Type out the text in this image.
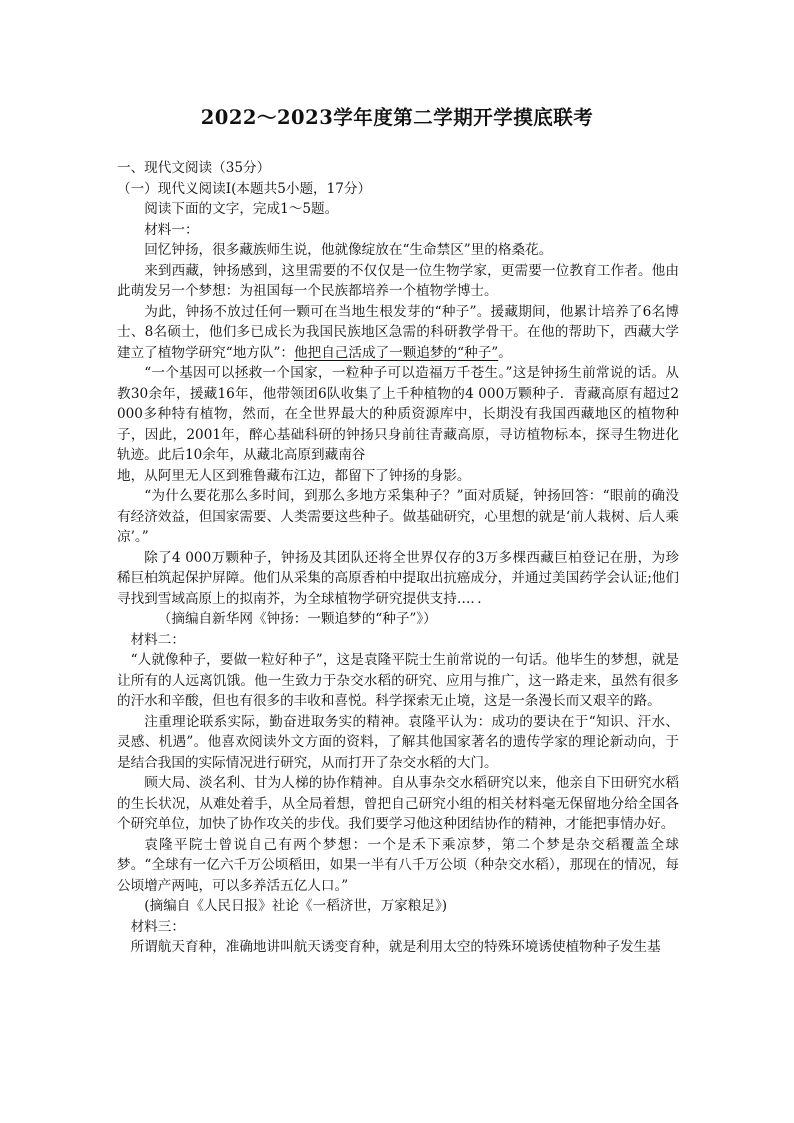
2022～2023学年度第二学期开学摸底联考

一、现代文阅读（35分）

（一）现代义阅读Ⅰ(本题共5小题，17分）

阅读下面的文字，完成1～5题。

材料一：

回忆钟扬，很多藏族师生说，他就像绽放在“生命禁区”里的格桑花。

来到西藏，钟扬感到，这里需要的不仅仅是一位生物学家，更需要一位教育工作者。他由此萌发另一个梦想：为祖国每一个民族都培养一个植物学博士。

为此，钟扬不放过任何一颗可在当地生根发芽的“种子”。援藏期间，他累计培养了6名博士、8名硕士，他们多已成长为我国民族地区急需的科研教学骨干。在他的帮助下，西藏大学建立了植物学研究“地方队”：他把自己活成了一颗追梦的“种子”。

“一个基因可以拯救一个国家，一粒种子可以造福万千苍生。”这是钟扬生前常说的话。从教30余年，援藏16年，他带领团6队收集了上千种植物的4 000万颗种子．青藏高原有超过2 000多种特有植物，然而，在全世界最大的种质资源库中，长期没有我国西藏地区的植物种子，因此，2001年，醉心基础科研的钟扬只身前往青藏高原，寻访植物标本，探寻生物进化轨迹。此后10余年，从藏北高原到藏南谷

地，从阿里无人区到雅鲁藏布江边，都留下了钟扬的身影。

“为什么要花那么多时间，到那么多地方采集种子？”面对质疑，钟扬回答：“眼前的确没有经济效益，但国家需要、人类需要这些种子。做基础研究，心里想的就是‘前人栽树、后人乘凉’。”

除了4 000万颗种子，钟扬及其团队还将全世界仅存的3万多棵西藏巨柏登记在册，为珍稀巨柏筑起保护屏障。他们从采集的高原香柏中提取出抗癌成分，并通过美国药学会认证;他们寻找到雪域高原上的拟南芥，为全球植物学研究提供支持…．．

（摘编自新华网《钟扬：一颗追梦的“种子”》）

材料二：

“人就像种子，要做一粒好种子”，这是袁隆平院士生前常说的一句话。他毕生的梦想，就是让所有的人远离饥饿。他一生致力于杂交水稻的研究、应用与推广，这一路走来，虽然有很多的汗水和辛酸，但也有很多的丰收和喜悦。科学探索无止境，这是一条漫长而又艰辛的路。

注重理论联系实际，勤奋进取务实的精神。袁隆平认为：成功的要诀在于“知识、汗水、灵感、机遇”。他喜欢阅读外文方面的资料，了解其他国家著名的遗传学家的理论新动向，于是结合我国的实际情况进行研究，从而打开了杂交水稻的大门。

顾大局、淡名利、甘为人梯的协作精神。自从事杂交水稻研究以来，他亲自下田研究水稻的生长状况，从难处着手，从全局着想，曾把自己研究小组的相关材料毫无保留地分给全国各个研究单位，加快了协作攻关的步伐。我们要学习他这种团结协作的精神，才能把事情办好。

袁隆平院士曾说自己有两个梦想：一个是禾下乘凉梦，第二个梦是杂交稻覆盖全球梦。“全球有一亿六千万公顷稻田，如果一半有八千万公顷（种杂交水稻），那现在的情况，每公顷增产两吨，可以多养活五亿人口。”

(摘编自《人民日报》社论《一稻济世，万家粮足》)

材料三：

所谓航天育种，准确地讲叫航天诱变育种，就是利用太空的特殊环境诱使植物种子发生基
